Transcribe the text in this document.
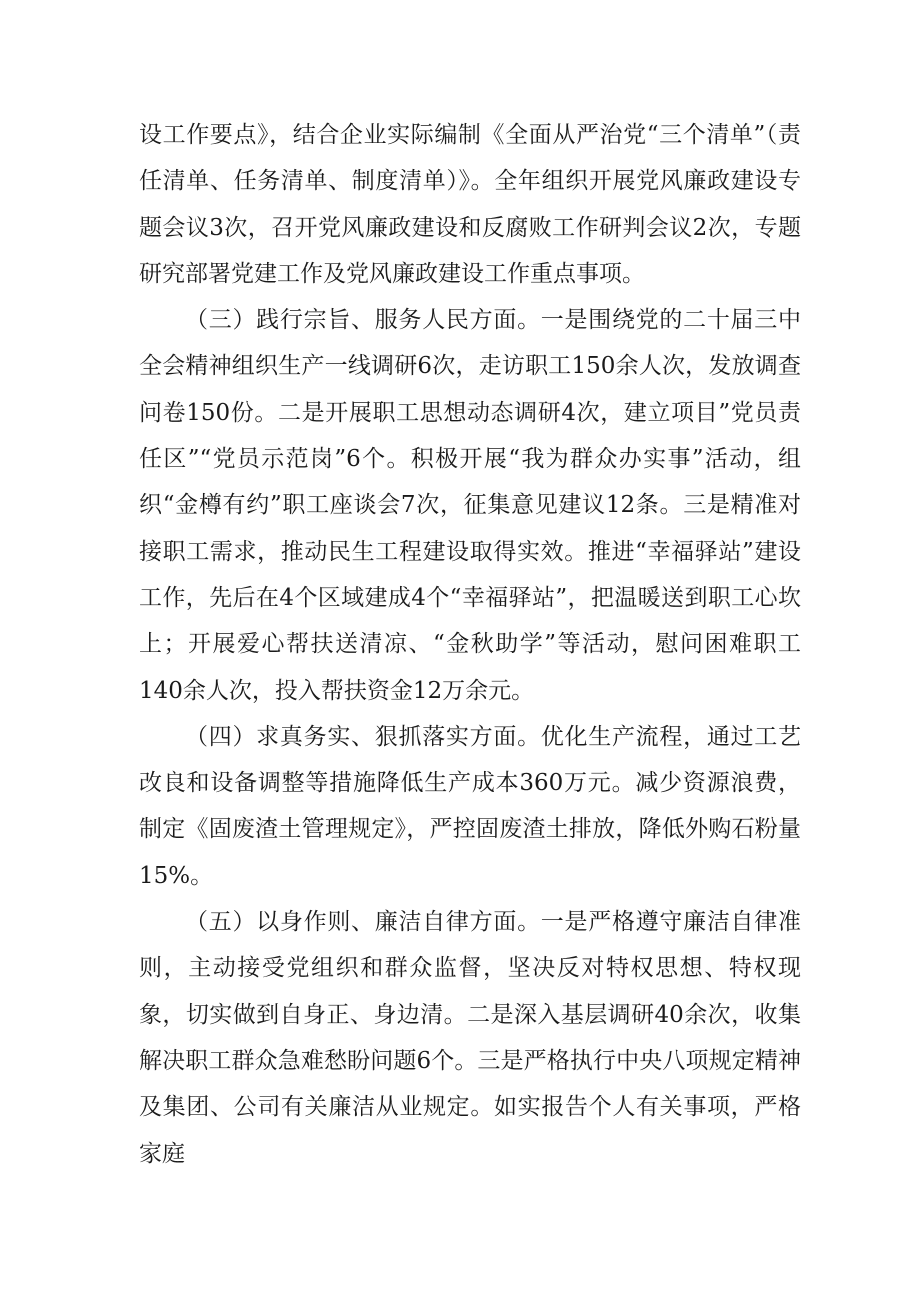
设工作要点》，结合企业实际编制《全面从严治党“三个清单”（责任清单、任务清单、制度清单）》。全年组织开展党风廉政建设专题会议3次，召开党风廉政建设和反腐败工作研判会议2次，专题研究部署党建工作及党风廉政建设工作重点事项。

（三）践行宗旨、服务人民方面。一是围绕党的二十届三中全会精神组织生产一线调研6次，走访职工150余人次，发放调查问卷150份。二是开展职工思想动态调研4次，建立项目”党员责任区”“党员示范岗”6个。积极开展“我为群众办实事”活动，组织“金樽有约”职工座谈会7次，征集意见建议12条。三是精准对接职工需求，推动民生工程建设取得实效。推进“幸福驿站”建设工作，先后在4个区域建成4个“幸福驿站”，把温暖送到职工心坎上；开展爱心帮扶送清凉、“金秋助学”等活动，慰问困难职工140余人次，投入帮扶资金12万余元。

（四）求真务实、狠抓落实方面。优化生产流程，通过工艺改良和设备调整等措施降低生产成本360万元。减少资源浪费，制定《固废渣土管理规定》，严控固废渣土排放，降低外购石粉量15%。

（五）以身作则、廉洁自律方面。一是严格遵守廉洁自律准则，主动接受党组织和群众监督，坚决反对特权思想、特权现象，切实做到自身正、身边清。二是深入基层调研40余次，收集解决职工群众急难愁盼问题6个。三是严格执行中央八项规定精神及集团、公司有关廉洁从业规定。如实报告个人有关事项，严格家庭
